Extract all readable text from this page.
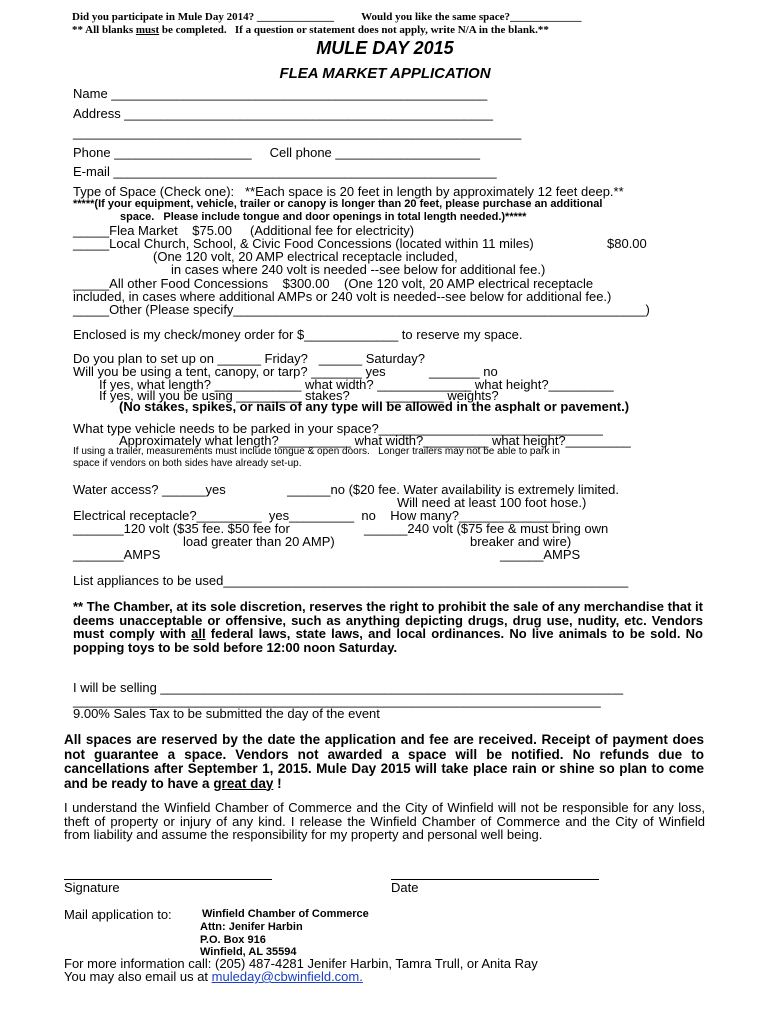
Did you participate in Mule Day 2014? ______________          Would you like the same space?_____________
** All blanks must be completed.   If a question or statement does not apply, write N/A in the blank.**
MULE DAY 2015
FLEA MARKET APPLICATION
Name ____________________________________________________
Address ___________________________________________________
______________________________________________________________
Phone ___________________     Cell phone ____________________
E-mail _____________________________________________________
Type of Space (Check one):   **Each space is 20 feet in length by approximately 12 feet deep.**
*****(If your equipment, vehicle, trailer or canopy is longer than 20 feet, please purchase an additional
space.   Please include tongue and door openings in total length needed.)*****
_____Flea Market    $75.00     (Additional fee for electricity)
_____Local Church, School, & Civic Food Concessions (located within 11 miles)	$80.00
(One 120 volt, 20 AMP electrical receptacle included,
in cases where 240 volt is needed --see below for additional fee.)
_____All other Food Concessions    $300.00    (One 120 volt, 20 AMP electrical receptacle
included, in cases where additional AMPs or 240 volt is needed--see below for additional fee.)
_____Other (Please specify_________________________________________________________)
Enclosed is my check/money order for $_____________ to reserve my space.
Do you plan to set up on ______ Friday?   ______ Saturday?
Will you be using a tent, canopy, or tarp? _______ yes            _______ no
If yes, what length? ____________ what width? _____________ what height?_________
If yes, will you be using _________ stakes?          ________ weights?
(No stakes, spikes, or nails of any type will be allowed in the asphalt or pavement.)
What type vehicle needs to be parked in your space?_______________________________
Approximately what length?__________ what width?_________ what height?_________
If using a trailer, measurements must include tongue & open doors.   Longer trailers may not be able to park in
space if vendors on both sides have already set-up.
Water access? ______yes                 ______no ($20 fee. Water availability is extremely limited.
Will need at least 100 foot hose.)
Electrical receptacle?_________  yes_________  no    How many?______________
_______120 volt ($35 fee. $50 fee for
load greater than 20 AMP)
______240 volt ($75 fee & must bring own
breaker and wire)
_______AMPS	______AMPS
List appliances to be used________________________________________________________
** The Chamber, at its sole discretion, reserves the right to prohibit the sale of any merchandise that it deems unacceptable or offensive, such as anything depicting drugs, drug use, nudity, etc. Vendors must comply with all federal laws, state laws, and local ordinances. No live animals to be sold. No popping toys to be sold before 12:00 noon Saturday.
I will be selling ________________________________________________________________
_________________________________________________________________________
9.00% Sales Tax to be submitted the day of the event
All spaces are reserved by the date the application and fee are received. Receipt of payment does not guarantee a space. Vendors not awarded a space will be notified. No refunds due to cancellations after September 1, 2015. Mule Day 2015 will take place rain or shine so plan to come and be ready to have a great day !
I understand the Winfield Chamber of Commerce and the City of Winfield will not be responsible for any loss, theft of property or injury of any kind. I release the Winfield Chamber of Commerce and the City of Winfield from liability and assume the responsibility for my property and personal well being.
Signature	Date
Mail application to:	Winfield Chamber of Commerce
Attn: Jenifer Harbin
P.O. Box 916
Winfield, AL 35594
For more information call: (205) 487-4281 Jenifer Harbin, Tamra Trull, or Anita Ray
You may also email us at muleday@cbwinfield.com.
